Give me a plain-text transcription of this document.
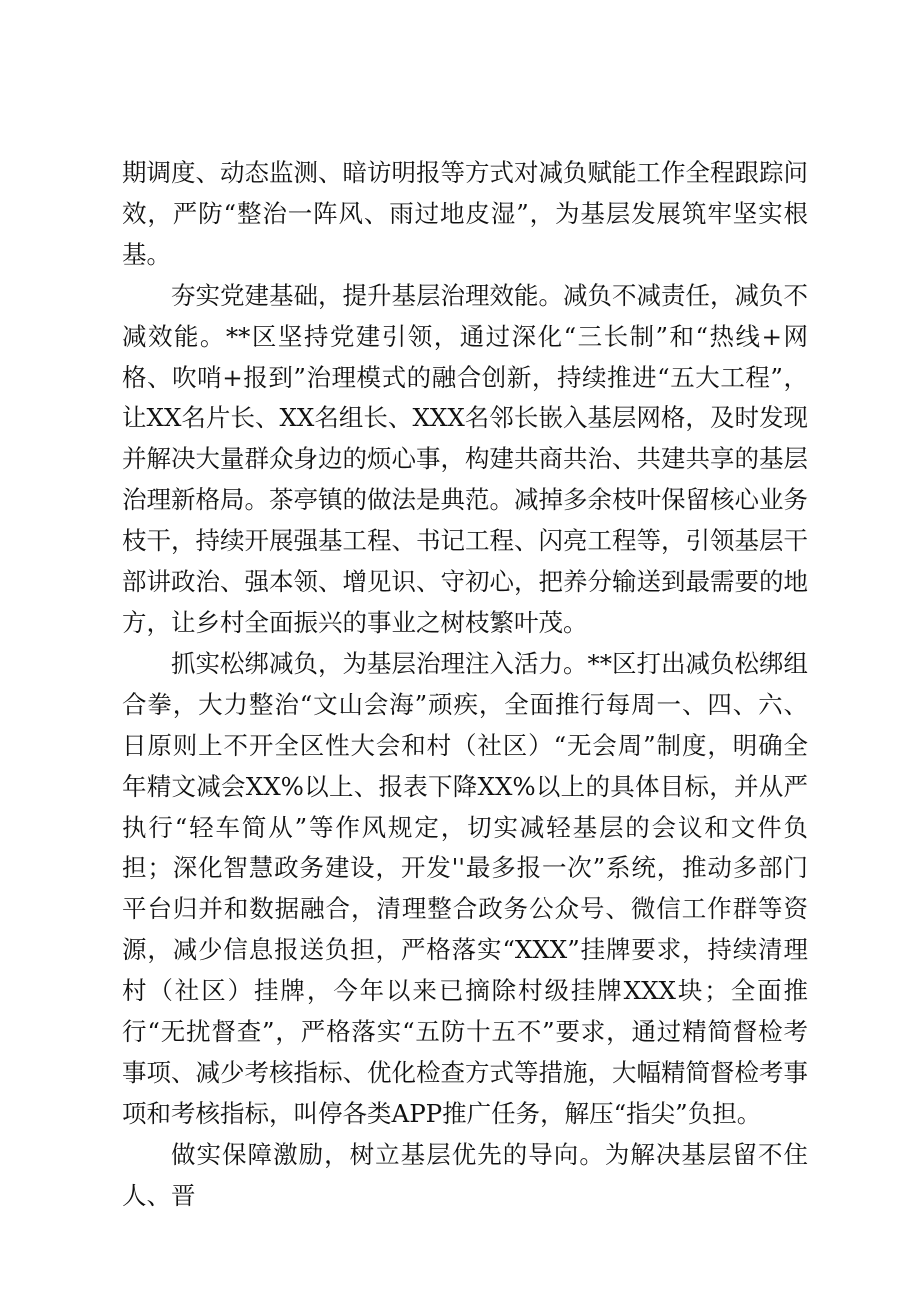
期调度、动态监测、暗访明报等方式对减负赋能工作全程跟踪问效，严防“整治一阵风、雨过地皮湿”，为基层发展筑牢坚实根基。

夯实党建基础，提升基层治理效能。减负不减责任，减负不减效能。**区坚持党建引领，通过深化“三长制”和“热线+网格、吹哨+报到”治理模式的融合创新，持续推进“五大工程”，让XX名片长、XX名组长、XXX名邻长嵌入基层网格，及时发现并解决大量群众身边的烦心事，构建共商共治、共建共享的基层治理新格局。茶亭镇的做法是典范。减掉多余枝叶保留核心业务枝干，持续开展强基工程、书记工程、闪亮工程等，引领基层干部讲政治、强本领、增见识、守初心，把养分输送到最需要的地方，让乡村全面振兴的事业之树枝繁叶茂。

抓实松绑减负，为基层治理注入活力。**区打出减负松绑组合拳，大力整治“文山会海”顽疾，全面推行每周一、四、六、日原则上不开全区性大会和村（社区）“无会周”制度，明确全年精文减会XX%以上、报表下降XX%以上的具体目标，并从严执行“轻车简从”等作风规定，切实减轻基层的会议和文件负担；深化智慧政务建设，开发''最多报一次”系统，推动多部门平台归并和数据融合，清理整合政务公众号、微信工作群等资源，减少信息报送负担，严格落实“XXX”挂牌要求，持续清理村（社区）挂牌，今年以来已摘除村级挂牌XXX块；全面推行“无扰督查”，严格落实“五防十五不”要求，通过精简督检考事项、减少考核指标、优化检查方式等措施，大幅精简督检考事项和考核指标，叫停各类APP推广任务，解压“指尖”负担。

做实保障激励，树立基层优先的导向。为解决基层留不住人、晋
